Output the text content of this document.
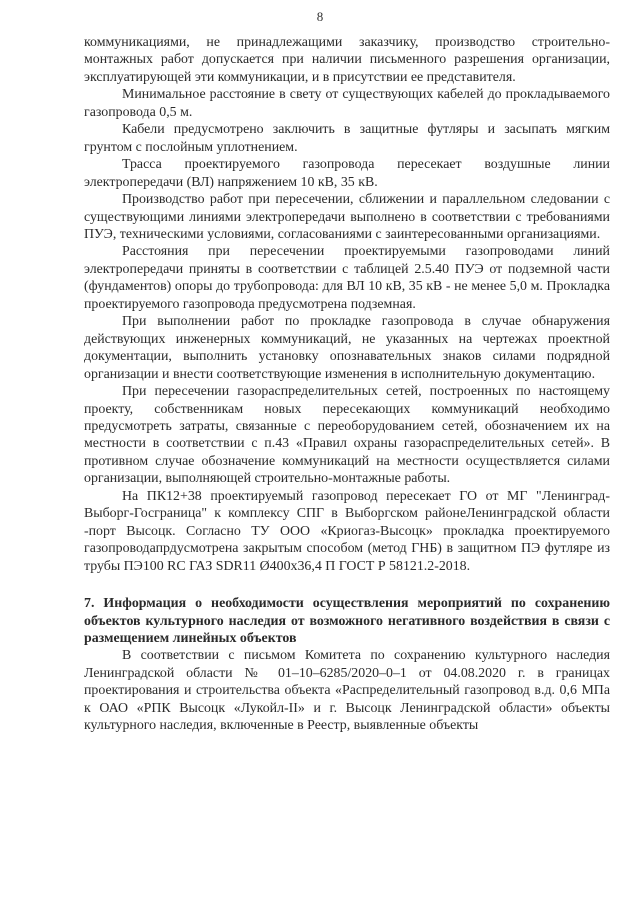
8

коммуникациями, не принадлежащими заказчику, производство строительно-монтажных работ допускается при наличии письменного разрешения организации, эксплуатирующей эти коммуникации, и в присутствии ее представителя.

Минимальное расстояние в свету от существующих кабелей до прокладываемого газопровода 0,5 м.

Кабели предусмотрено заключить в защитные футляры и засыпать мягким грунтом с послойным уплотнением.

Трасса проектируемого газопровода пересекает воздушные линии электропередачи (ВЛ) напряжением 10 кВ, 35 кВ.

Производство работ при пересечении, сближении и параллельном следовании с существующими линиями электропередачи выполнено в соответствии с требованиями ПУЭ, техническими условиями, согласованиями с заинтересованными организациями.

Расстояния при пересечении проектируемыми газопроводами линий электропередачи приняты в соответствии с таблицей 2.5.40 ПУЭ от подземной части (фундаментов) опоры до трубопровода: для ВЛ 10 кВ, 35 кВ - не менее 5,0 м. Прокладка проектируемого газопровода предусмотрена подземная.

При выполнении работ по прокладке газопровода в случае обнаружения действующих инженерных коммуникаций, не указанных на чертежах проектной документации, выполнить установку опознавательных знаков силами подрядной организации и внести соответствующие изменения в исполнительную документацию.

При пересечении газораспределительных сетей, построенных по настоящему проекту, собственникам новых пересекающих коммуникаций необходимо предусмотреть затраты, связанные с переоборудованием сетей, обозначением их на местности в соответствии с п.43 «Правил охраны газораспределительных сетей». В противном случае обозначение коммуникаций на местности осуществляется силами организации, выполняющей строительно-монтажные работы.

На ПК12+38 проектируемый газопровод пересекает ГО от МГ "Ленинград-Выборг-Госграница" к комплексу СПГ в Выборгском районеЛенинградской области -порт Высоцк. Согласно ТУ ООО «Криогаз-Высоцк» прокладка проектируемого газопроводапрдусмотрена закрытым способом (метод ГНБ) в защитном ПЭ футляре из трубы ПЭ100 RC ГАЗ SDR11 Ø400х36,4 П ГОСТ Р 58121.2-2018.

7. Информация о необходимости осуществления мероприятий по сохранению объектов культурного наследия от возможного негативного воздействия в связи с размещением линейных объектов

В соответствии с письмом Комитета по сохранению культурного наследия Ленинградской области № 01–10–6285/2020–0–1 от 04.08.2020 г. в границах проектирования и строительства объекта «Распределительный газопровод в.д. 0,6 МПа к ОАО «РПК Высоцк «Лукойл-II» и г. Высоцк Ленинградской области» объекты культурного наследия, включенные в Реестр, выявленные объекты
